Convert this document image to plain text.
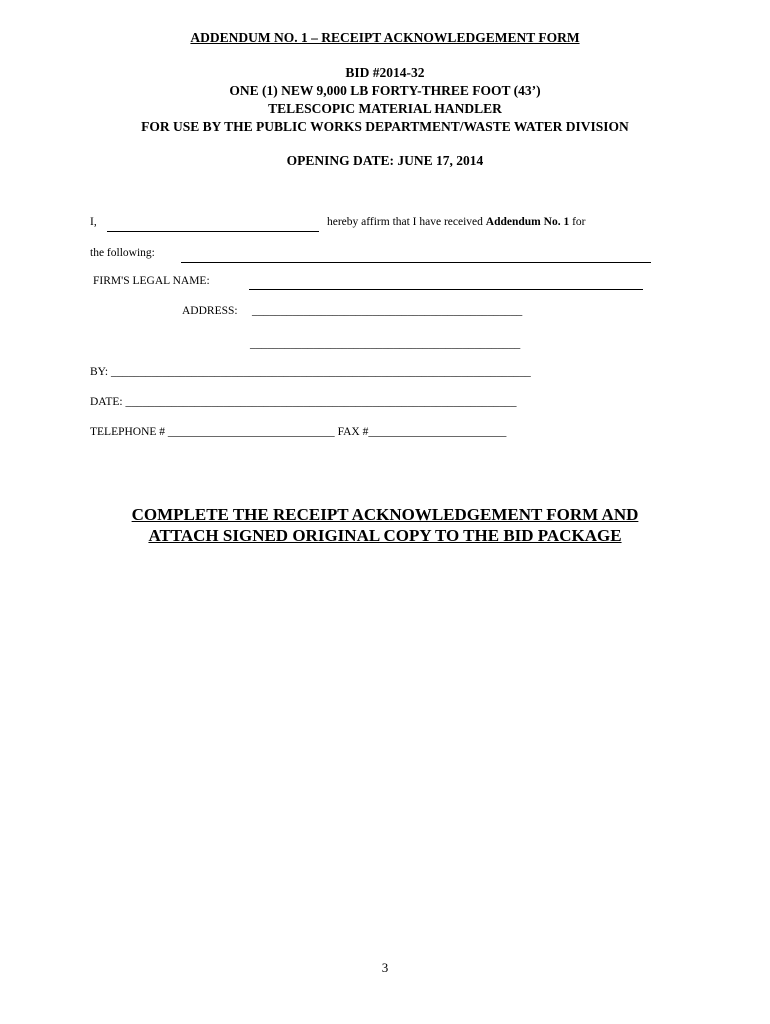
ADDENDUM NO. 1 – RECEIPT ACKNOWLEDGEMENT FORM
BID #2014-32
ONE (1) NEW 9,000 LB FORTY-THREE FOOT (43’)
TELESCOPIC MATERIAL HANDLER
FOR USE BY THE PUBLIC WORKS DEPARTMENT/WASTE WATER DIVISION
OPENING DATE: JUNE 17, 2014
I,	hereby affirm that I have received Addendum No. 1 for
the following:
FIRM'S LEGAL NAME:
ADDRESS: _______________________________________________
_______________________________________________
BY: _________________________________________________________________________
DATE: ____________________________________________________________________
TELEPHONE # _____________________________ FAX #________________________
COMPLETE THE RECEIPT ACKNOWLEDGEMENT FORM AND
ATTACH SIGNED ORIGINAL COPY TO THE BID PACKAGE
3
